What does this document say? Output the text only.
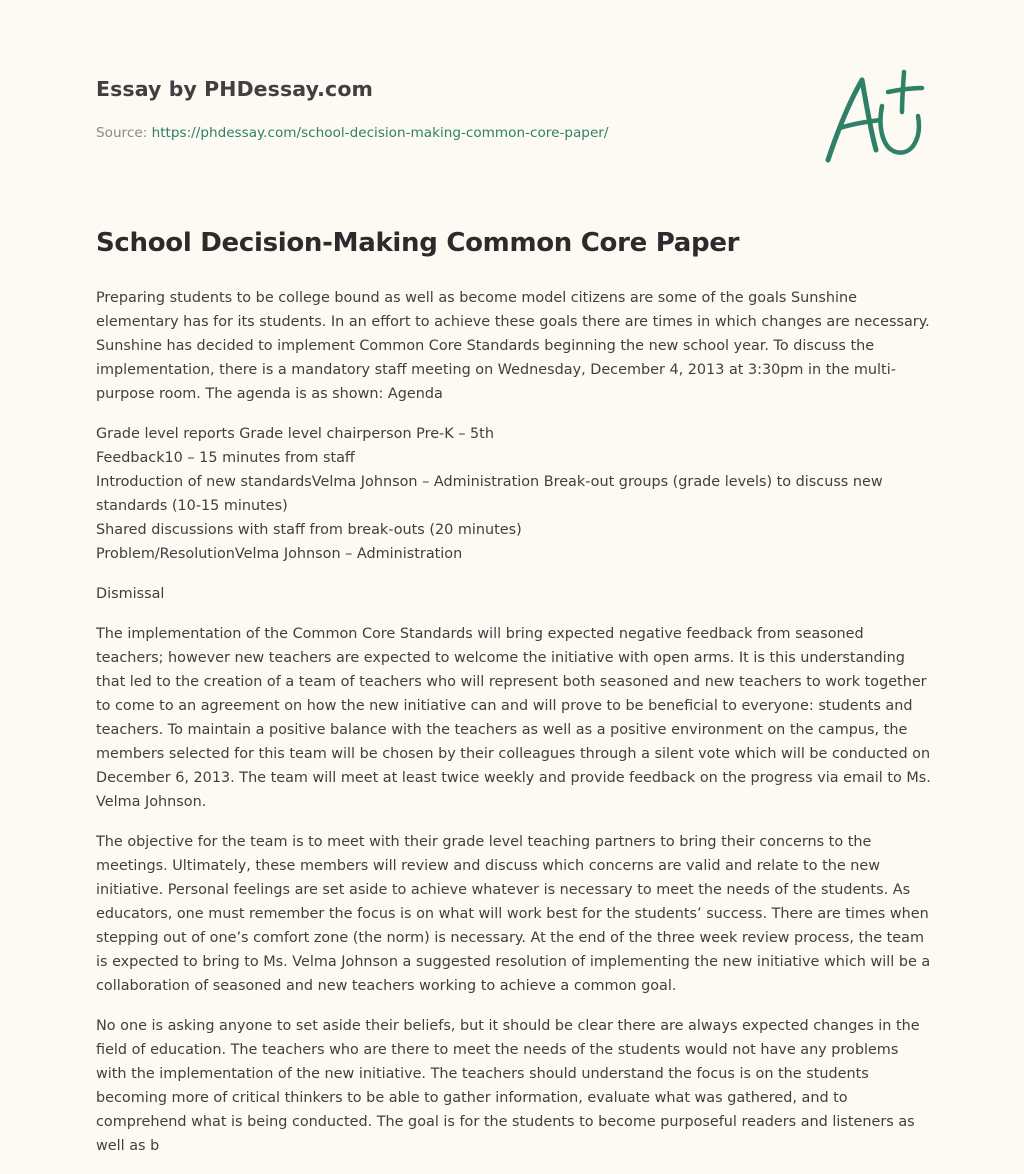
Essay by PHDessay.com

Source: https://phdessay.com/school-decision-making-common-core-paper/

School Decision-Making Common Core Paper

Preparing students to be college bound as well as become model citizens are some of the goals Sunshine elementary has for its students. In an effort to achieve these goals there are times in which changes are necessary. Sunshine has decided to implement Common Core Standards beginning the new school year. To discuss the implementation, there is a mandatory staff meeting on Wednesday, December 4, 2013 at 3:30pm in the multi-purpose room. The agenda is as shown: Agenda

Grade level reports Grade level chairperson Pre-K – 5th
Feedback10 – 15 minutes from staff
Introduction of new standardsVelma Johnson – Administration Break-out groups (grade levels) to discuss new standards (10-15 minutes)
Shared discussions with staff from break-outs (20 minutes)
Problem/ResolutionVelma Johnson – Administration

Dismissal

The implementation of the Common Core Standards will bring expected negative feedback from seasoned teachers; however new teachers are expected to welcome the initiative with open arms. It is this understanding that led to the creation of a team of teachers who will represent both seasoned and new teachers to work together to come to an agreement on how the new initiative can and will prove to be beneficial to everyone: students and teachers. To maintain a positive balance with the teachers as well as a positive environment on the campus, the members selected for this team will be chosen by their colleagues through a silent vote which will be conducted on December 6, 2013. The team will meet at least twice weekly and provide feedback on the progress via email to Ms. Velma Johnson.

The objective for the team is to meet with their grade level teaching partners to bring their concerns to the meetings. Ultimately, these members will review and discuss which concerns are valid and relate to the new initiative. Personal feelings are set aside to achieve whatever is necessary to meet the needs of the students. As educators, one must remember the focus is on what will work best for the students’ success. There are times when stepping out of one’s comfort zone (the norm) is necessary. At the end of the three week review process, the team is expected to bring to Ms. Velma Johnson a suggested resolution of implementing the new initiative which will be a collaboration of seasoned and new teachers working to achieve a common goal.

No one is asking anyone to set aside their beliefs, but it should be clear there are always expected changes in the field of education. The teachers who are there to meet the needs of the students would not have any problems with the implementation of the new initiative. The teachers should understand the focus is on the students becoming more of critical thinkers to be able to gather information, evaluate what was gathered, and to comprehend what is being conducted. The goal is for the students to become purposeful readers and listeners as well as b
